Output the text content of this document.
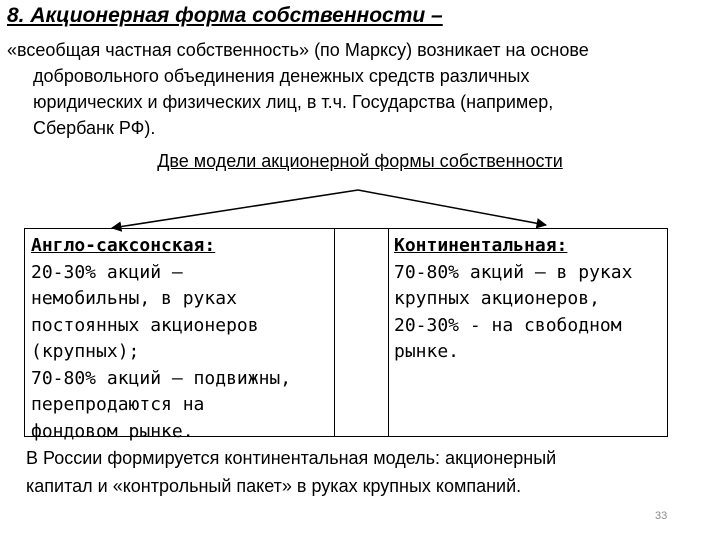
8. Акционерная форма собственности –
«всеобщая частная собственность» (по Марксу) возникает на основе
добровольного объединения денежных средств различных
юридических и физических лиц, в т.ч. Государства (например,
Сбербанк РФ).
Две модели акционерной формы собственности
Англо-саксонская:
20-30% акций –
немобильны, в руках
постоянных акционеров
(крупных);
70-80% акций – подвижны,
перепродаются на
фондовом рынке.
Континентальная:
70-80% акций – в руках
крупных акционеров,
20-30% - на свободном
рынке.
В России формируется континентальная модель: акционерный
капитал и «контрольный пакет» в руках крупных компаний.
33
